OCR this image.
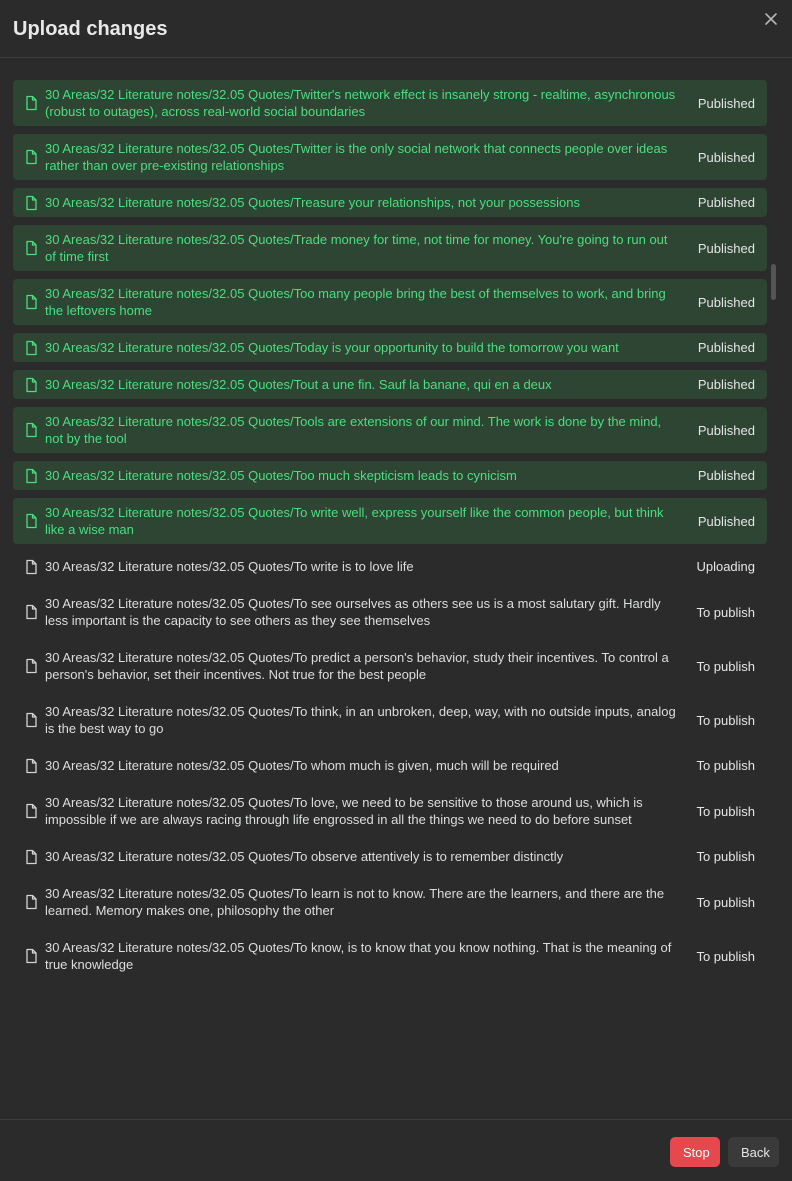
Upload changes
30 Areas/32 Literature notes/32.05 Quotes/Twitter's network effect is insanely strong - realtime, asynchronous (robust to outages), across real-world social boundaries
Published
30 Areas/32 Literature notes/32.05 Quotes/Twitter is the only social network that connects people over ideas rather than over pre-existing relationships
Published
30 Areas/32 Literature notes/32.05 Quotes/Treasure your relationships, not your possessions	Published
30 Areas/32 Literature notes/32.05 Quotes/Trade money for time, not time for money. You're going to run out of time first
Published
30 Areas/32 Literature notes/32.05 Quotes/Too many people bring the best of themselves to work, and bring the leftovers home
Published
30 Areas/32 Literature notes/32.05 Quotes/Today is your opportunity to build the tomorrow you want	Published
30 Areas/32 Literature notes/32.05 Quotes/Tout a une fin. Sauf la banane, qui en a deux	Published
30 Areas/32 Literature notes/32.05 Quotes/Tools are extensions of our mind. The work is done by the mind, not by the tool
Published
30 Areas/32 Literature notes/32.05 Quotes/Too much skepticism leads to cynicism	Published
30 Areas/32 Literature notes/32.05 Quotes/To write well, express yourself like the common people, but think like a wise man
Published
30 Areas/32 Literature notes/32.05 Quotes/To write is to love life	Uploading
30 Areas/32 Literature notes/32.05 Quotes/To see ourselves as others see us is a most salutary gift. Hardly less important is the capacity to see others as they see themselves
To publish
30 Areas/32 Literature notes/32.05 Quotes/To predict a person's behavior, study their incentives. To control a person's behavior, set their incentives. Not true for the best people
To publish
30 Areas/32 Literature notes/32.05 Quotes/To think, in an unbroken, deep, way, with no outside inputs, analog is the best way to go
To publish
30 Areas/32 Literature notes/32.05 Quotes/To whom much is given, much will be required	To publish
30 Areas/32 Literature notes/32.05 Quotes/To love, we need to be sensitive to those around us, which is impossible if we are always racing through life engrossed in all the things we need to do before sunset
To publish
30 Areas/32 Literature notes/32.05 Quotes/To observe attentively is to remember distinctly	To publish
30 Areas/32 Literature notes/32.05 Quotes/To learn is not to know. There are the learners, and there are the learned. Memory makes one, philosophy the other
To publish
30 Areas/32 Literature notes/32.05 Quotes/To know, is to know that you know nothing. That is the meaning of true knowledge
To publish
Stop	Back
